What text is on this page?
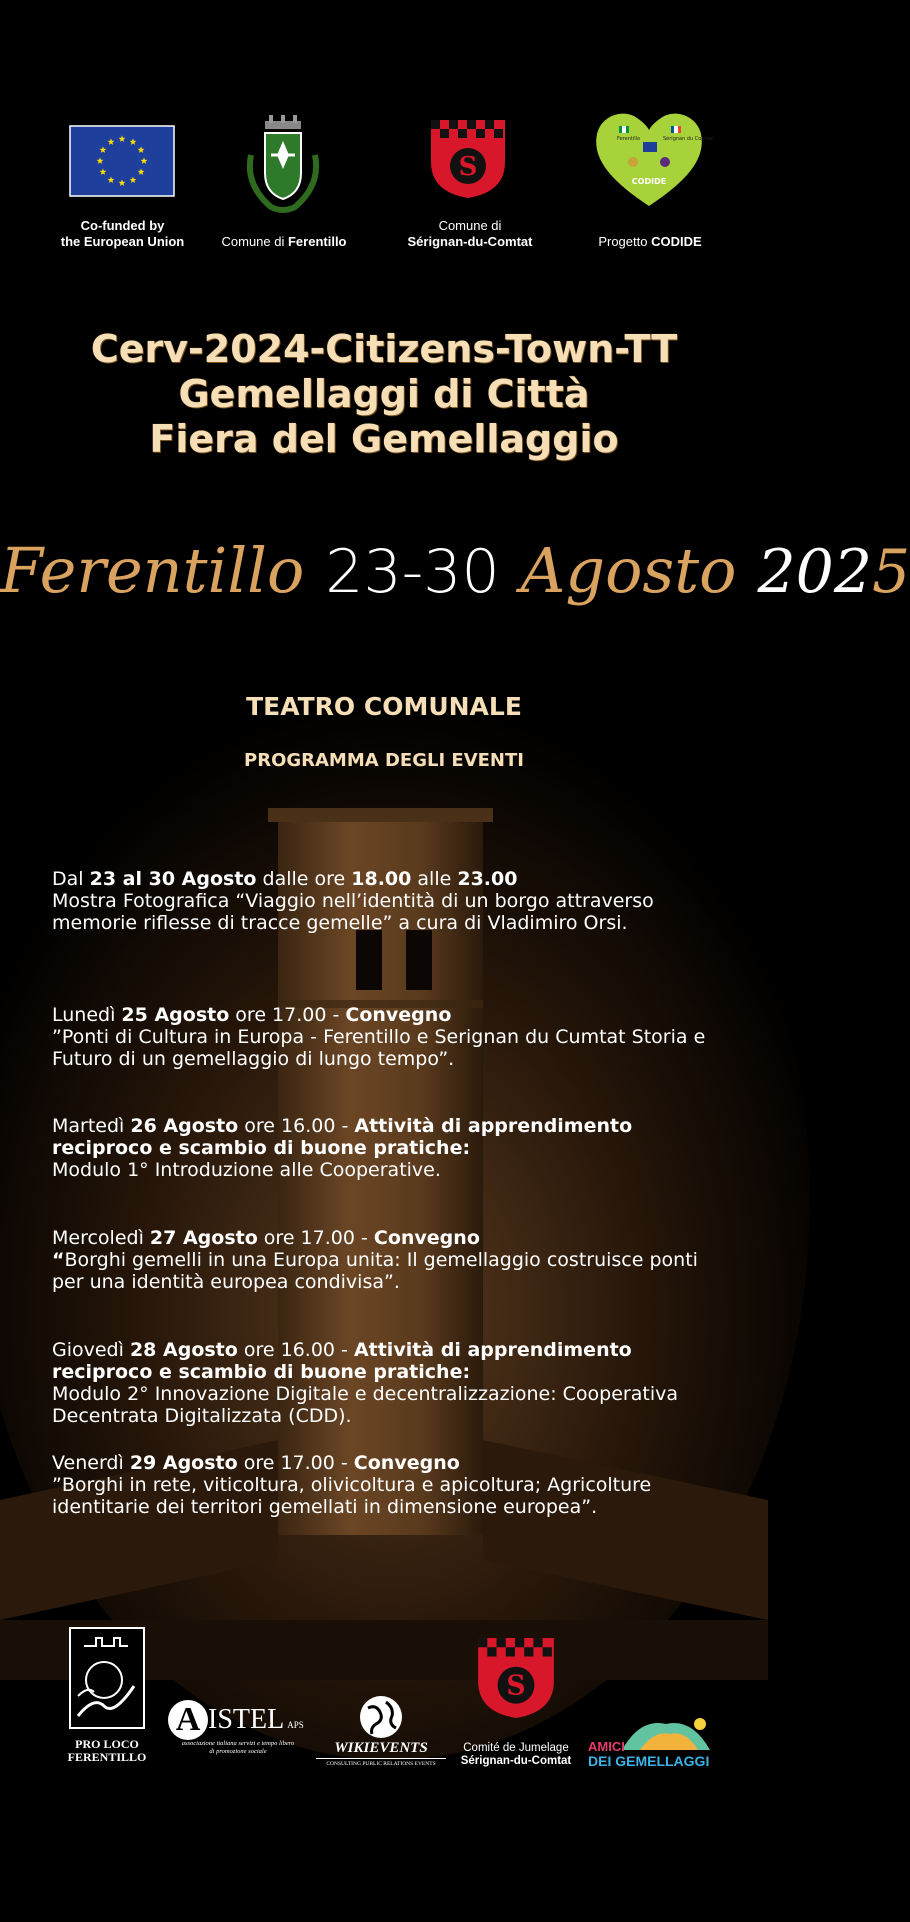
Co-funded by
the European Union	Comune di Ferentillo
S
Comune di
Sérignan-du-Comtat
Ferentillo	Sérignan du Comtat
CODIDE
Progetto CODIDE
Cerv-2024-Citizens-Town-TT
Gemellaggi di Città
Fiera del Gemellaggio
Ferentillo 23-30 Agosto 2025
TEATRO COMUNALE
PROGRAMMA DEGLI EVENTI
Dal 23 al 30 Agosto dalle ore 18.00 alle 23.00
Mostra Fotografica “Viaggio nell’identità di un borgo attraverso memorie riflesse di tracce gemelle” a cura di Vladimiro Orsi.
Lunedì 25 Agosto ore 17.00 - Convegno
”Ponti di Cultura in Europa - Ferentillo e Serignan du Cumtat Storia e Futuro di un gemellaggio di lungo tempo”.
Martedì 26 Agosto ore 16.00 - Attività di apprendimento reciproco e scambio di buone pratiche:
Modulo 1° Introduzione alle Cooperative.
Mercoledì 27 Agosto ore 17.00 - Convegno
“Borghi gemelli in una Europa unita: Il gemellaggio costruisce ponti per una identità europea condivisa”.
Giovedì 28 Agosto ore 16.00 - Attività di apprendimento reciproco e scambio di buone pratiche:
Modulo 2° Innovazione Digitale e decentralizzazione: Cooperativa Decentrata Digitalizzata (CDD).
Venerdì 29 Agosto ore 17.00 - Convegno
”Borghi in rete, viticoltura, olivicoltura e apicoltura; Agricolture identitarie dei territori gemellati in dimensione europea”.
PRO LOCO
FERENTILLO
A ISTEL APS
associazione italiana servizi e tempo libero
di promozione sociale	WIKIEVENTS
CONSULTING PUBLIC RELATIONS EVENTS
S
Comité de Jumelage
Sérignan-du-Comtat
AMICI
DEI GEMELLAGGI
